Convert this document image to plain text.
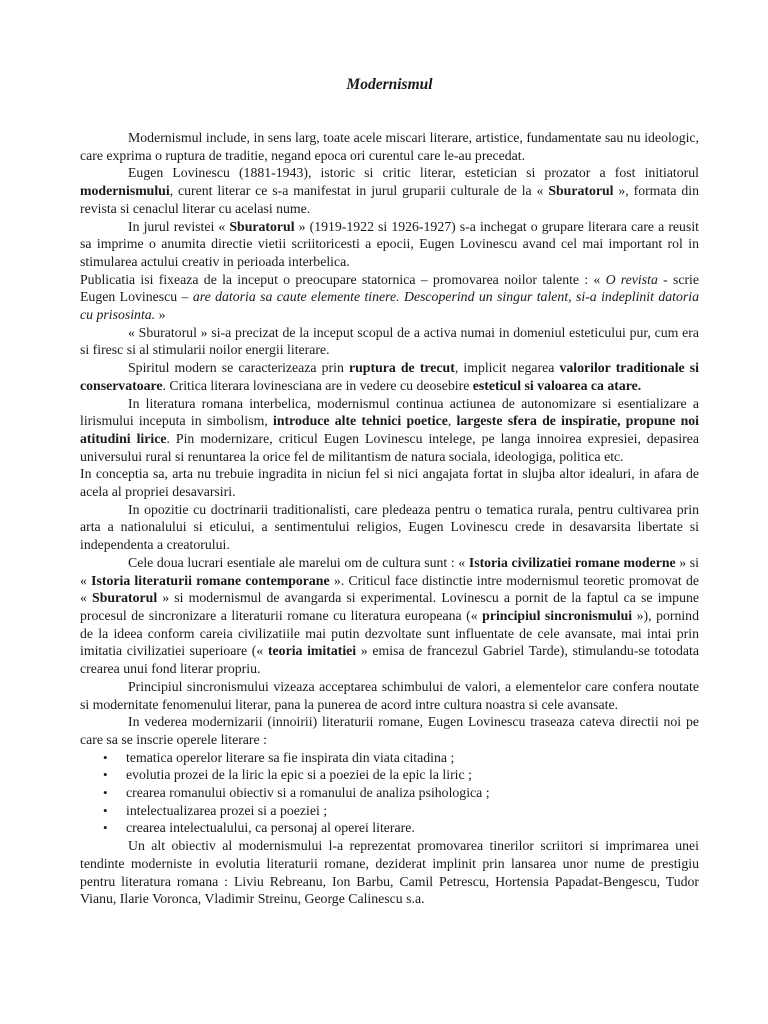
Modernismul

Modernismul include, in sens larg, toate acele miscari literare, artistice, fundamentate sau nu ideologic, care exprima o ruptura de traditie, negand epoca ori curentul care le-au precedat.

Eugen Lovinescu (1881-1943), istoric si critic literar, estetician si prozator a fost initiatorul modernismului, curent literar ce s-a manifestat in jurul gruparii culturale de la « Sburatorul », formata din revista si cenaclul literar cu acelasi nume.

In jurul revistei « Sburatorul » (1919-1922 si 1926-1927) s-a inchegat o grupare literara care a reusit sa imprime o anumita directie vietii scriitoricesti a epocii, Eugen Lovinescu avand cel mai important rol in stimularea actului creativ in perioada interbelica.

Publicatia isi fixeaza de la inceput o preocupare statornica – promovarea noilor talente : « O revista - scrie Eugen Lovinescu – are datoria sa caute elemente tinere. Descoperind un singur talent, si-a indeplinit datoria cu prisosinta. »

« Sburatorul » si-a precizat de la inceput scopul de a activa numai in domeniul esteticului pur, cum era si firesc si al stimularii noilor energii literare.

Spiritul modern se caracterizeaza prin ruptura de trecut, implicit negarea valorilor traditionale si conservatoare. Critica literara lovinesciana are in vedere cu deosebire esteticul si valoarea ca atare.

In literatura romana interbelica, modernismul continua actiunea de autonomizare si esentializare a lirismului inceputa in simbolism, introduce alte tehnici poetice, largeste sfera de inspiratie, propune noi atitudini lirice. Pin modernizare, criticul Eugen Lovinescu intelege, pe langa innoirea expresiei, depasirea universului rural si renuntarea la orice fel de militantism de natura sociala, ideologiga, politica etc.

In conceptia sa, arta nu trebuie ingradita in niciun fel si nici angajata fortat in slujba altor idealuri, in afara de acela al propriei desavarsiri.

In opozitie cu doctrinarii traditionalisti, care pledeaza pentru o tematica rurala, pentru cultivarea prin arta a nationalului si eticului, a sentimentului religios, Eugen Lovinescu crede in desavarsita libertate si independenta a creatorului.

Cele doua lucrari esentiale ale marelui om de cultura sunt : « Istoria civilizatiei romane moderne » si « Istoria literaturii romane contemporane ». Criticul face distinctie intre modernismul teoretic promovat de « Sburatorul » si modernismul de avangarda si experimental. Lovinescu a pornit de la faptul ca se impune procesul de sincronizare a literaturii romane cu literatura europeana (« principiul sincronismului »), pornind de la ideea conform careia civilizatiile mai putin dezvoltate sunt influentate de cele avansate, mai intai prin imitatia civilizatiei superioare (« teoria imitatiei » emisa de francezul Gabriel Tarde), stimulandu-se totodata crearea unui fond literar propriu.

Principiul sincronismului vizeaza acceptarea schimbului de valori, a elementelor care confera noutate si modernitate fenomenului literar, pana la punerea de acord intre cultura noastra si cele avansate.

In vederea modernizarii (innoirii) literaturii romane, Eugen Lovinescu traseaza cateva directii noi pe care sa se inscrie operele literare :

• tematica operelor literare sa fie inspirata din viata citadina ;
• evolutia prozei de la liric la epic si a poeziei de la epic la liric ;
• crearea romanului obiectiv si a romanului de analiza psihologica ;
• intelectualizarea prozei si a poeziei ;
• crearea intelectualului, ca personaj al operei literare.

Un alt obiectiv al modernismului l-a reprezentat promovarea tinerilor scriitori si imprimarea unei tendinte moderniste in evolutia literaturii romane, deziderat implinit prin lansarea unor nume de prestigiu pentru literatura romana : Liviu Rebreanu, Ion Barbu, Camil Petrescu, Hortensia Papadat-Bengescu, Tudor Vianu, Ilarie Voronca, Vladimir Streinu, George Calinescu s.a.
